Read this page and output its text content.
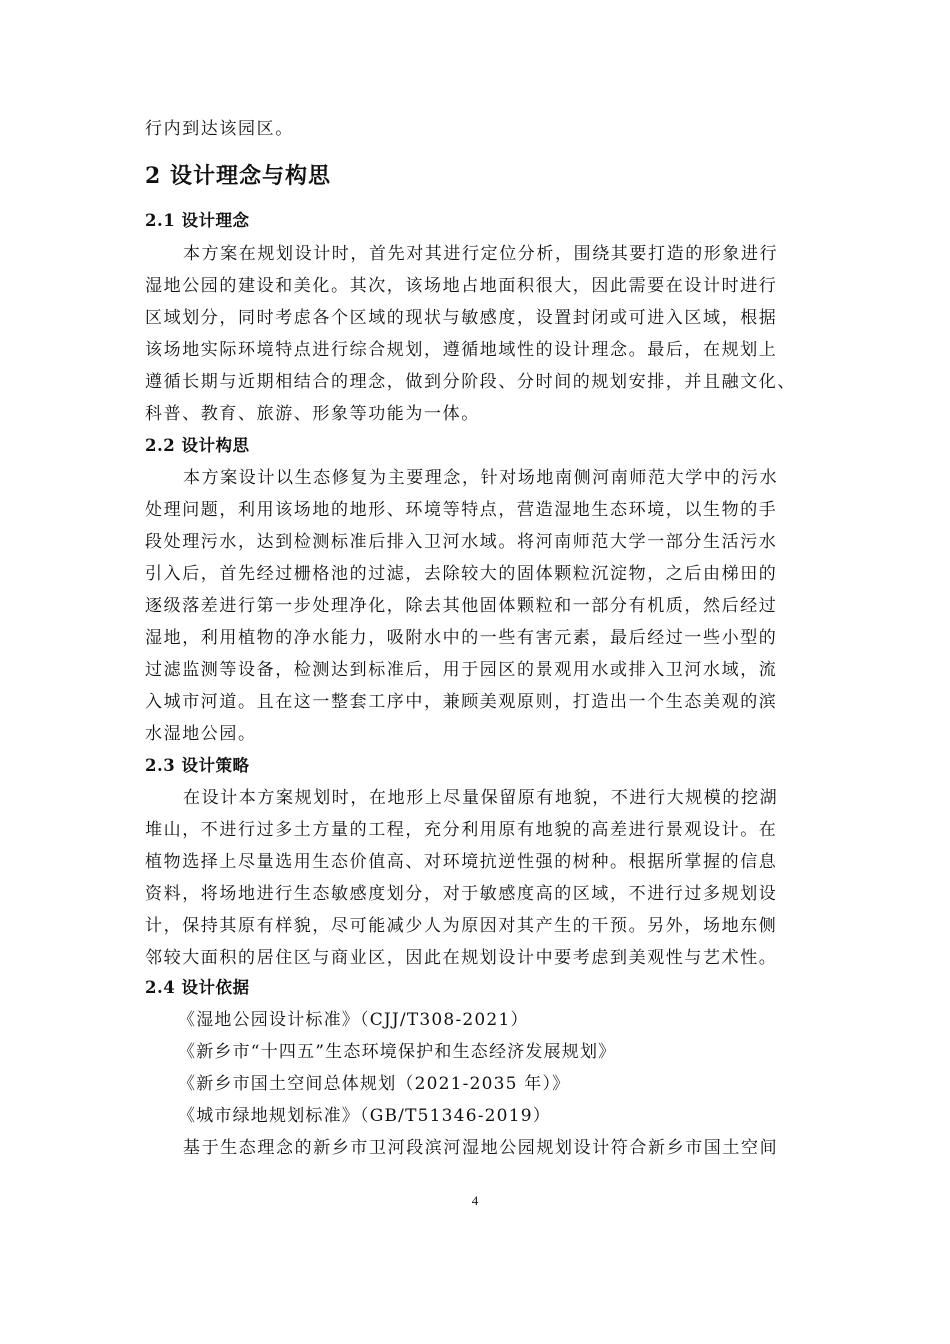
行内到达该园区。
2 设计理念与构思
2.1 设计理念
本方案在规划设计时，首先对其进行定位分析，围绕其要打造的形象进行
湿地公园的建设和美化。其次，该场地占地面积很大，因此需要在设计时进行
区域划分，同时考虑各个区域的现状与敏感度，设置封闭或可进入区域，根据
该场地实际环境特点进行综合规划，遵循地域性的设计理念。最后，在规划上
遵循长期与近期相结合的理念，做到分阶段、分时间的规划安排，并且融文化、
科普、教育、旅游、形象等功能为一体。
2.2 设计构思
本方案设计以生态修复为主要理念，针对场地南侧河南师范大学中的污水
处理问题，利用该场地的地形、环境等特点，营造湿地生态环境，以生物的手
段处理污水，达到检测标准后排入卫河水域。将河南师范大学一部分生活污水
引入后，首先经过栅格池的过滤，去除较大的固体颗粒沉淀物，之后由梯田的
逐级落差进行第一步处理净化，除去其他固体颗粒和一部分有机质，然后经过
湿地，利用植物的净水能力，吸附水中的一些有害元素，最后经过一些小型的
过滤监测等设备，检测达到标准后，用于园区的景观用水或排入卫河水域，流
入城市河道。且在这一整套工序中，兼顾美观原则，打造出一个生态美观的滨
水湿地公园。
2.3 设计策略
在设计本方案规划时，在地形上尽量保留原有地貌，不进行大规模的挖湖
堆山，不进行过多土方量的工程，充分利用原有地貌的高差进行景观设计。在
植物选择上尽量选用生态价值高、对环境抗逆性强的树种。根据所掌握的信息
资料，将场地进行生态敏感度划分，对于敏感度高的区域，不进行过多规划设
计，保持其原有样貌，尽可能减少人为原因对其产生的干预。另外，场地东侧
邻较大面积的居住区与商业区，因此在规划设计中要考虑到美观性与艺术性。
2.4 设计依据
《湿地公园设计标准》（CJJ/T308-2021）
《新乡市“十四五”生态环境保护和生态经济发展规划》
《新乡市国土空间总体规划（2021-2035 年）》
《城市绿地规划标准》（GB/T51346-2019）
基于生态理念的新乡市卫河段滨河湿地公园规划设计符合新乡市国土空间
4
